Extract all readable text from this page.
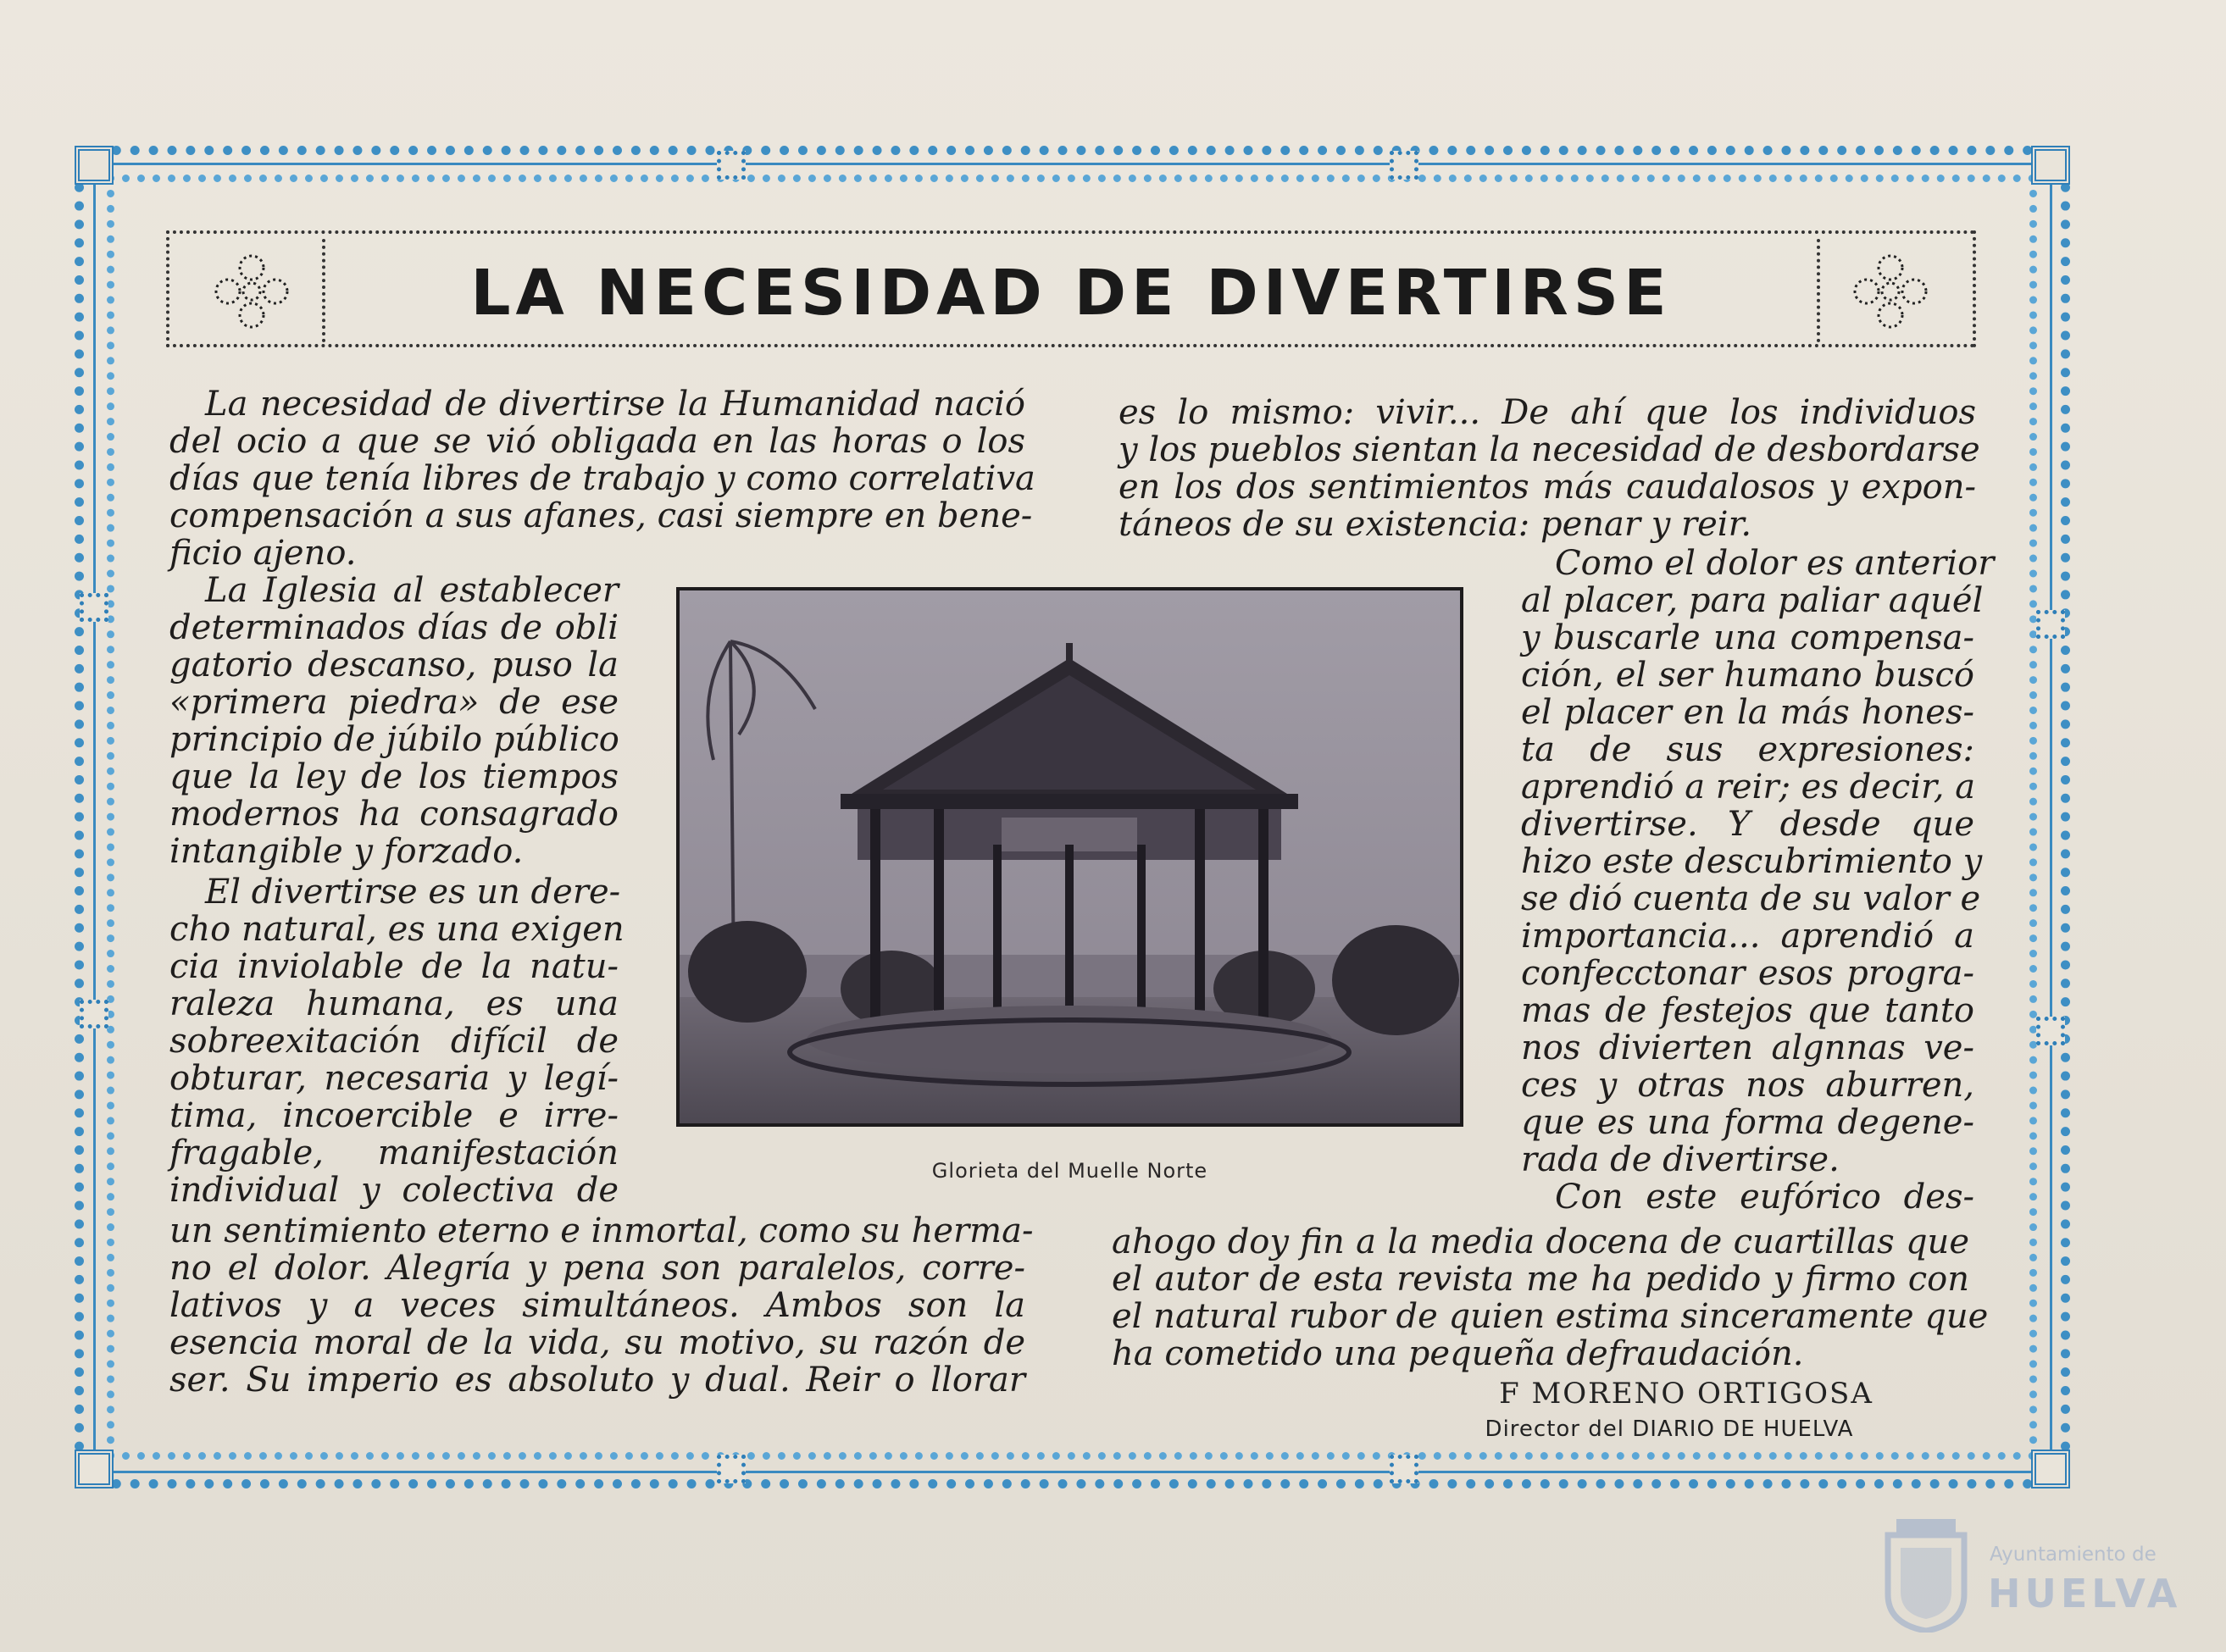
LA NECESIDAD DE DIVERTIRSE

La necesidad de divertirse la Humanidad nació
del ocio a que se vió obligada en las horas o los
días que tenía libres de trabajo y como correlativa
compensación a sus afanes, casi siempre en bene-
ficio ajeno.

La Iglesia al establecer
determinados días de obli
gatorio descanso, puso la
«primera piedra» de ese
principio de júbilo público
que la ley de los tiempos
modernos ha consagrado
intangible y forzado.

El divertirse es un dere-
cho natural, es una exigen
cia inviolable de la natu-
raleza humana, es una
sobreexitación difícil de
obturar, necesaria y legí-
tima, incoercible e irre-
fragable, manifestación
individual y colectiva de

un sentimiento eterno e inmortal, como su herma-
no el dolor. Alegría y pena son paralelos, corre-
lativos y a veces simultáneos. Ambos son la
esencia moral de la vida, su motivo, su razón de
ser. Su imperio es absoluto y dual. Reir o llorar

es lo mismo: vivir... De ahí que los individuos
y los pueblos sientan la necesidad de desbordarse
en los dos sentimientos más caudalosos y expon-
táneos de su existencia: penar y reir.

Como el dolor es anterior
al placer, para paliar aquél
y buscarle una compensa-
ción, el ser humano buscó
el placer en la más hones-
ta de sus expresiones:
aprendió a reir; es decir, a
divertirse. Y desde que
hizo este descubrimiento y
se dió cuenta de su valor e
importancia... aprendió a
confecctonar esos progra-
mas de festejos que tanto
nos divierten algnnas ve-
ces y otras nos aburren,
que es una forma degene-
rada de divertirse.
Con este eufórico des-

ahogo doy fin a la media docena de cuartillas que
el autor de esta revista me ha pedido y firmo con
el natural rubor de quien estima sinceramente que
ha cometido una pequeña defraudación.

Glorieta del Muelle Norte
F MORENO ORTIGOSA
Director del DIARIO DE HUELVA
Ayuntamiento de
HUELVA
